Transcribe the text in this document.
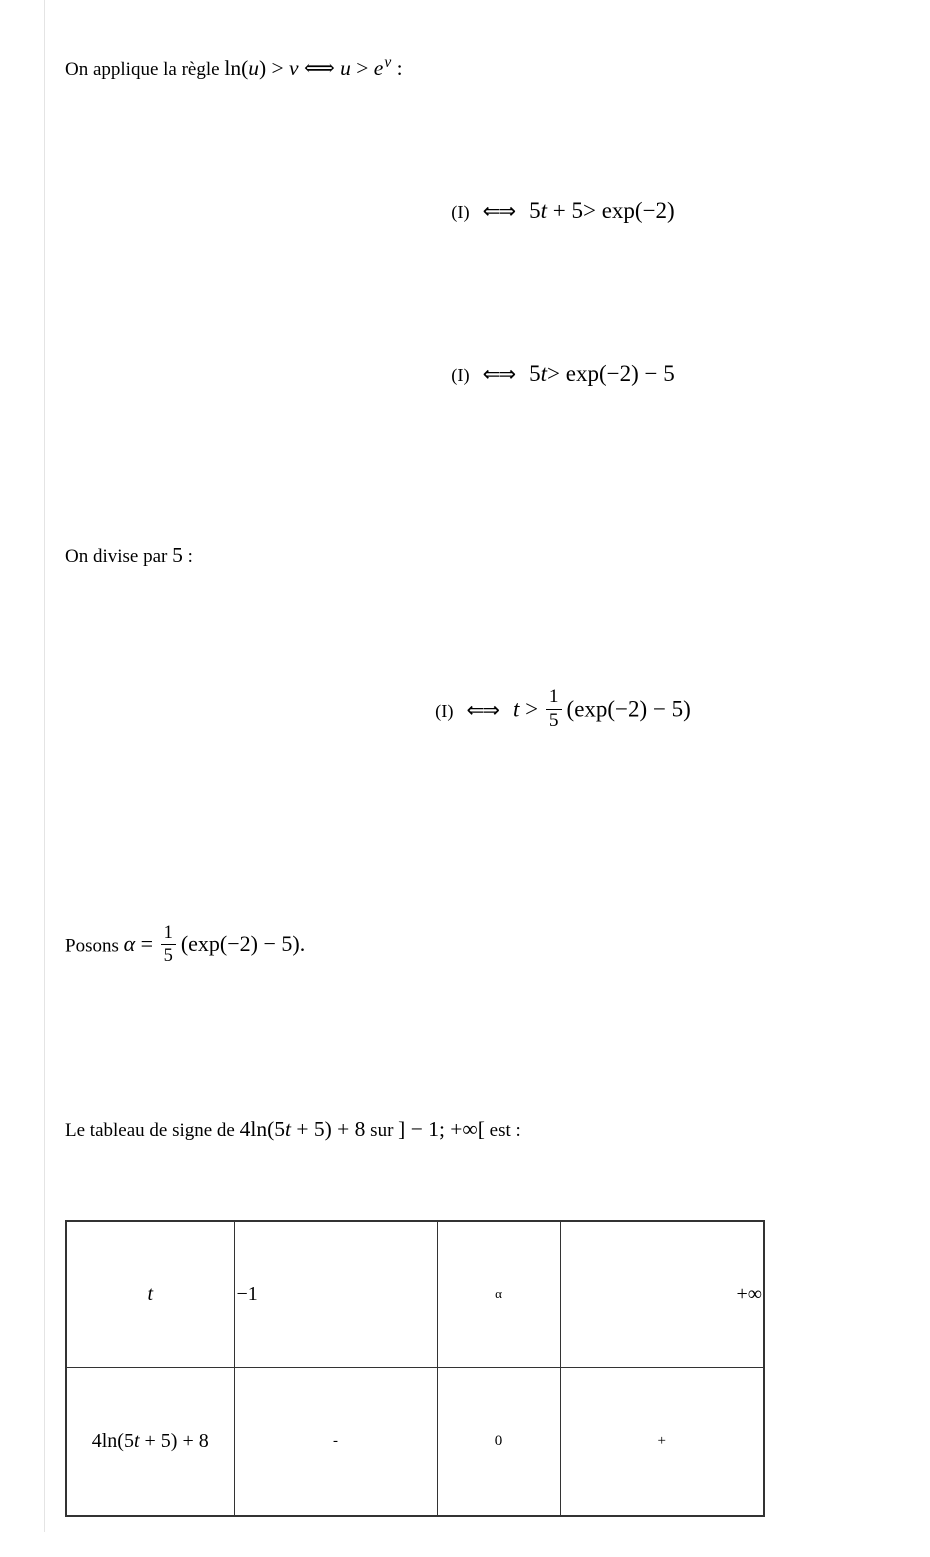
On applique la règle ln(u) > v ⟺ $u > e^v$ :

(I) ⇐⇒ 5t + 5> exp(−2)
(I) ⇐⇒ 5t> exp(−2) − 5

On divise par 5 :

(I) ⇐⇒ $t > \frac{1}{5} (\exp(-2) - 5)$

Posons $\alpha = \frac{1}{5} (\exp(-2) - 5)$.

Le tableau de signe de 4ln(5t + 5) + 8 sur ] − 1; +∞[ est :

t	−1	α	+∞
4ln(5t + 5) + 8	-	0	+
